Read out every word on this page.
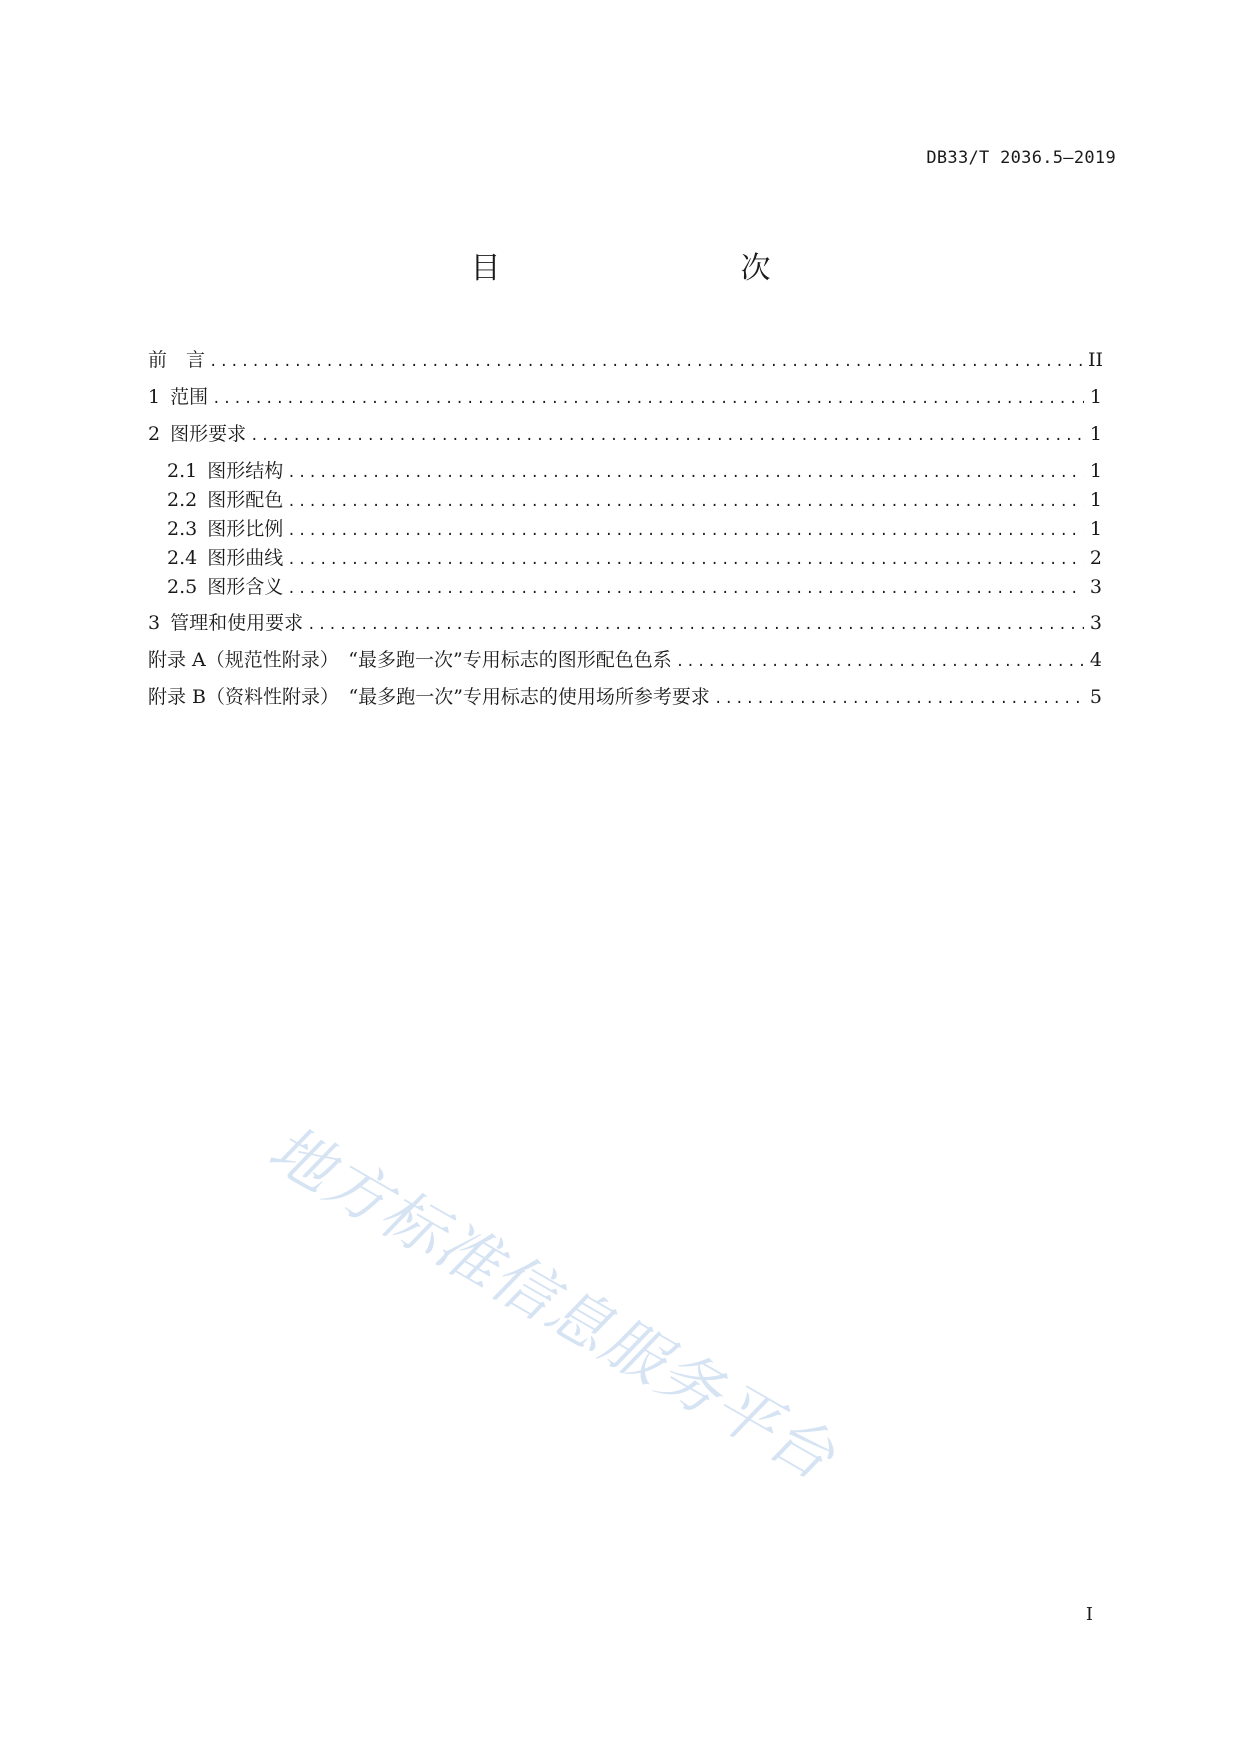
DB33/T 2036.5—2019
目　　次
前　言 .....	II
1 范围 .....	1
2 图形要求 .....	1
2.1 图形结构 .....	1
2.2 图形配色 .....	1
2.3 图形比例 .....	1
2.4 图形曲线 .....	2
2.5 图形含义 .....	3
3 管理和使用要求 .....	3
附录 A（规范性附录）　“最多跑一次”专用标志的图形配色色系 .....	4
附录 B（资料性附录）　“最多跑一次”专用标志的使用场所参考要求 .....	5
地方标准信息服务平台
I
